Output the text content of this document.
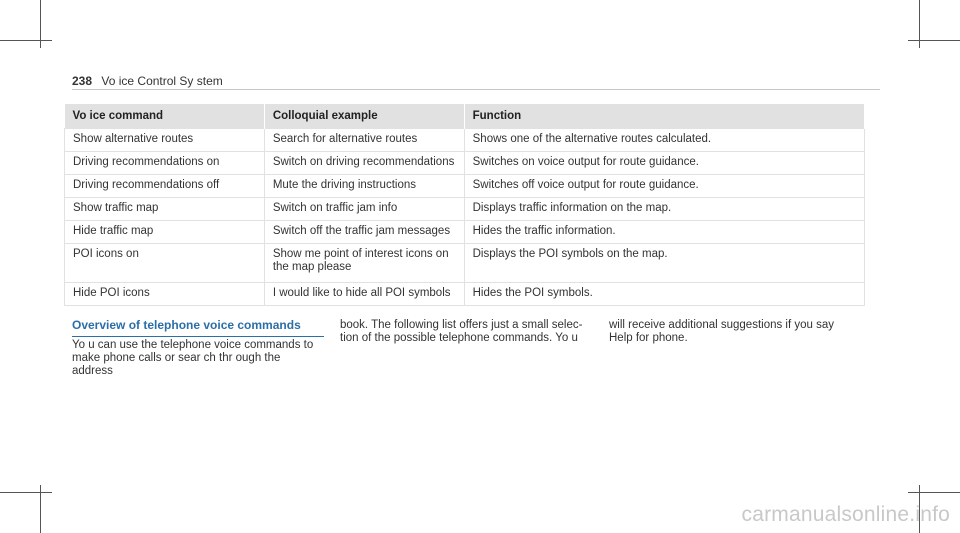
238 Vo ice Control Sy stem
Vo ice command	Colloquial example	Function
Show alternative routes	Search for alternative routes	Shows one of the alternative routes calculated.
Driving recommendations on	Switch on driving recommendations	Switches on voice output for route guidance.
Driving recommendations off	Mute the driving instructions	Switches off voice output for route guidance.
Show traffic map	Switch on traffic jam info	Displays traffic information on the map.
Hide traffic map	Switch off the traffic jam messages	Hides the traffic information.
POI icons on	Show me point of interest icons on the map please	Displays the POI symbols on the map.
Hide POI icons	I would like to hide all POI symbols	Hides the POI symbols.
Overview of telephone voice commands
Yo u can use the telephone voice commands to make phone calls or sear ch thr ough the address
book. The following list offers just a small selec‐ tion of the possible telephone commands. Yo u
will receive additional suggestions if you say Help for phone.
carmanualsonline.info
